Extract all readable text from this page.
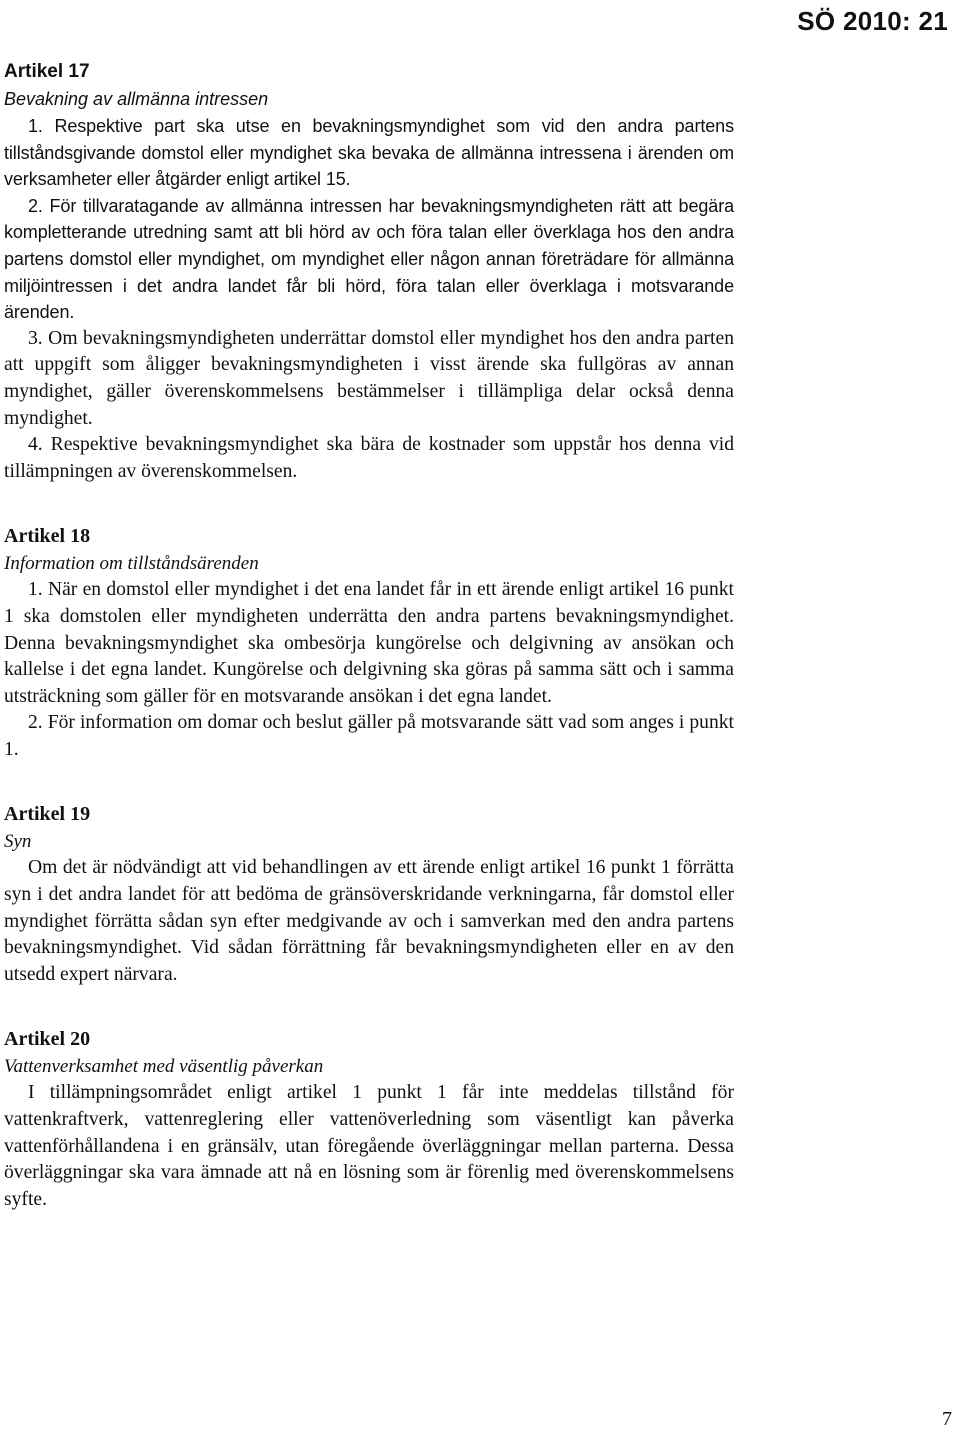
SÖ 2010: 21
Artikel 17
Bevakning av allmänna intressen

1. Respektive part ska utse en bevakningsmyndighet som vid den andra partens tillståndsgivande domstol eller myndighet ska bevaka de allmänna intressena i ärenden om verksamheter eller åtgärder enligt artikel 15.

2. För tillvaratagande av allmänna intressen har bevakningsmyndigheten rätt att begära kompletterande utredning samt att bli hörd av och föra talan eller överklaga hos den andra partens domstol eller myndighet, om myndighet eller någon annan företrädare för allmänna miljöintressen i det andra landet får bli hörd, föra talan eller överklaga i motsvarande ärenden.

3. Om bevakningsmyndigheten underrättar domstol eller myndighet hos den andra parten att uppgift som åligger bevakningsmyndigheten i visst ärende ska fullgöras av annan myndighet, gäller överenskommelsens bestämmelser i tillämpliga delar också denna myndighet.

4. Respektive bevakningsmyndighet ska bära de kostnader som uppstår hos denna vid tillämpningen av överenskommelsen.

Artikel 18
Information om tillståndsärenden

1. När en domstol eller myndighet i det ena landet får in ett ärende enligt artikel 16 punkt 1 ska domstolen eller myndigheten underrätta den andra partens bevakningsmyndighet. Denna bevakningsmyndighet ska ombesörja kungörelse och delgivning av ansökan och kallelse i det egna landet. Kungörelse och delgivning ska göras på samma sätt och i samma utsträckning som gäller för en motsvarande ansökan i det egna landet.

2. För information om domar och beslut gäller på motsvarande sätt vad som anges i punkt 1.

Artikel 19
Syn

Om det är nödvändigt att vid behandlingen av ett ärende enligt artikel 16 punkt 1 förrätta syn i det andra landet för att bedöma de gränsöverskridande verkningarna, får domstol eller myndighet förrätta sådan syn efter medgivande av och i samverkan med den andra partens bevakningsmyndighet. Vid sådan förrättning får bevakningsmyndigheten eller en av den utsedd expert närvara.

Artikel 20
Vattenverksamhet med väsentlig påverkan

I tillämpningsområdet enligt artikel 1 punkt 1 får inte meddelas tillstånd för vattenkraftverk, vattenreglering eller vattenöverledning som väsentligt kan påverka vattenförhållandena i en gränsälv, utan föregående överläggningar mellan parterna. Dessa överläggningar ska vara ämnade att nå en lösning som är förenlig med överenskommelsens syfte.

7
